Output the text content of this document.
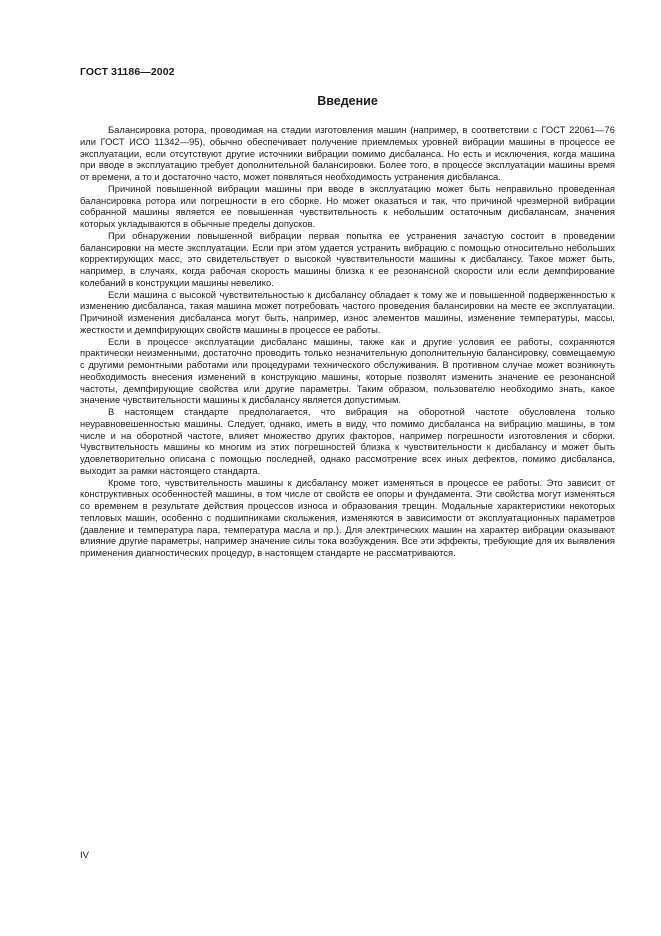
ГОСТ 31186—2002
Введение

Балансировка ротора, проводимая на стадии изготовления машин (например, в соответствии с ГОСТ 22061—76 или ГОСТ ИСО 11342—95), обычно обеспечивает получение приемлемых уровней вибрации машины в процессе ее эксплуатации, если отсутствуют другие источники вибрации помимо дисбаланса. Но есть и исключения, когда машина при вводе в эксплуатацию требует дополнительной балансировки. Более того, в процессе эксплуатации машины время от времени, а то и достаточно часто, может появляться необходимость устранения дисбаланса.

Причиной повышенной вибрации машины при вводе в эксплуатацию может быть неправильно проведенная балансировка ротора или погрешности в его сборке. Но может оказаться и так, что причиной чрезмерной вибрации собранной машины является ее повышенная чувствительность к небольшим остаточным дисбалансам, значения которых укладываются в обычные пределы допусков.

При обнаружении повышенной вибрации первая попытка ее устранения зачастую состоит в проведении балансировки на месте эксплуатации. Если при этом удается устранить вибрацию с помощью относительно небольших корректирующих масс, это свидетельствует о высокой чувствительности машины к дисбалансу. Такое может быть, например, в случаях, когда рабочая скорость машины близка к ее резонансной скорости или если демпфирование колебаний в конструкции машины невелико.

Если машина с высокой чувствительностью к дисбалансу обладает к тому же и повышенной подверженностью к изменению дисбаланса, такая машина может потребовать частого проведения балансировки на месте ее эксплуатации. Причиной изменения дисбаланса могут быть, например, износ элементов машины, изменение температуры, массы, жесткости и демпфирующих свойств машины в процессе ее работы.

Если в процессе эксплуатации дисбаланс машины, также как и другие условия ее работы, сохраняются практически неизменными, достаточно проводить только незначительную дополнительную балансировку, совмещаемую с другими ремонтными работами или процедурами технического обслуживания. В противном случае может возникнуть необходимость внесения изменений в конструкцию машины, которые позволят изменить значение ее резонансной частоты, демпфирующие свойства или другие параметры. Таким образом, пользователю необходимо знать, какое значение чувствительности машины к дисбалансу является допустимым.

В настоящем стандарте предполагается, что вибрация на оборотной частоте обусловлена только неуравновешенностью машины. Следует, однако, иметь в виду, что помимо дисбаланса на вибрацию машины, в том числе и на оборотной частоте, влияет множество других факторов, например погрешности изготовления и сборки. Чувствительность машины ко многим из этих погрешностей близка к чувствительности к дисбалансу и может быть удовлетворительно описана с помощью последней, однако рассмотрение всех иных дефектов, помимо дисбаланса, выходит за рамки настоящего стандарта.

Кроме того, чувствительность машины к дисбалансу может изменяться в процессе ее работы. Это зависит от конструктивных особенностей машины, в том числе от свойств ее опоры и фундамента. Эти свойства могут изменяться со временем в результате действия процессов износа и образования трещин. Модальные характеристики некоторых тепловых машин, особенно с подшипниками скольжения, изменяются в зависимости от эксплуатационных параметров (давление и температура пара, температура масла и пр.). Для электрических машин на характер вибрации оказывают влияние другие параметры, например значение силы тока возбуждения. Все эти эффекты, требующие для их выявления применения диагностических процедур, в настоящем стандарте не рассматриваются.

IV
